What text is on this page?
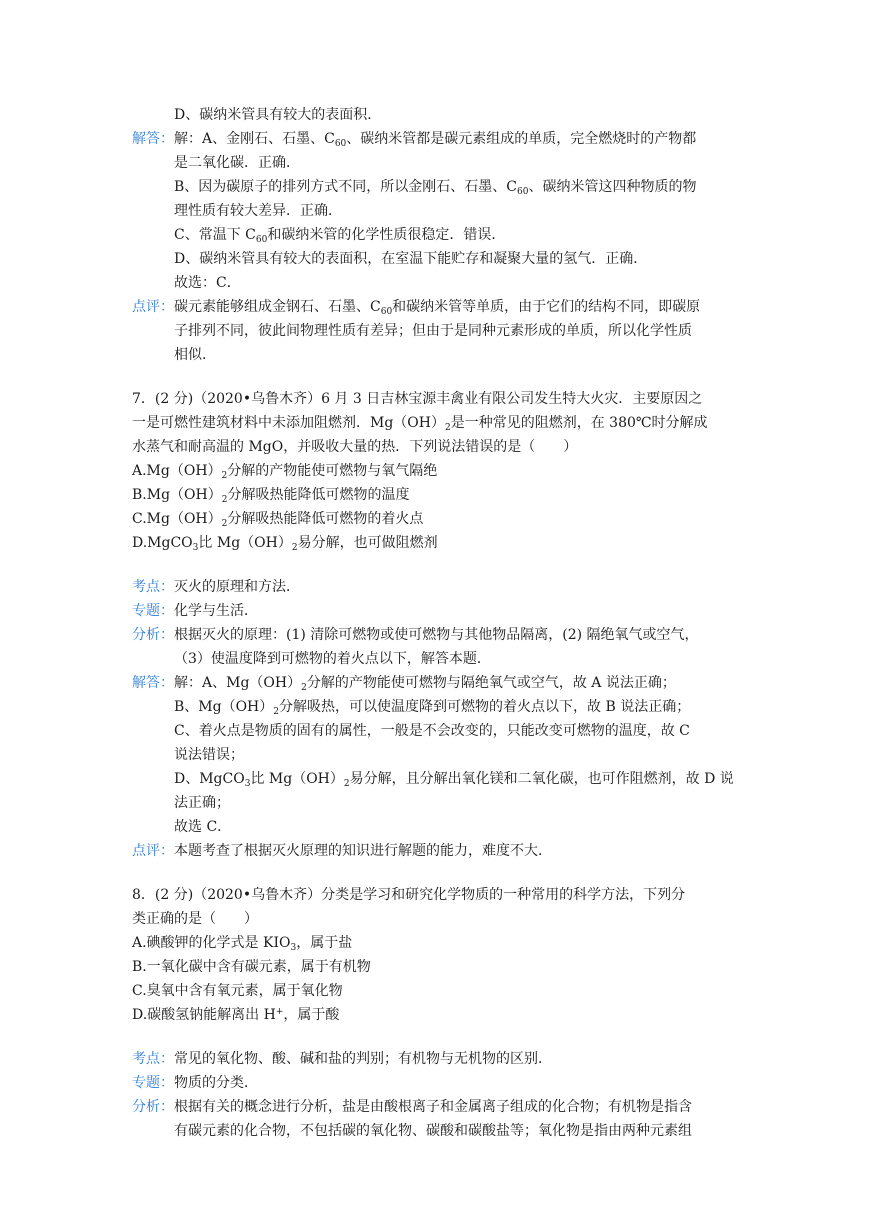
D、碳纳米管具有较大的表面积．
解答：解：A、金刚石、石墨、$C_{60}$、碳纳米管都是碳元素组成的单质，完全燃烧时的产物都
是二氧化碳．正确．
B、因为碳原子的排列方式不同，所以金刚石、石墨、$C_{60}$、碳纳米管这四种物质的物
理性质有较大差异．正确．
C、常温下 $C_{60}$和碳纳米管的化学性质很稳定．错误．
D、碳纳米管具有较大的表面积，在室温下能贮存和凝聚大量的氢气．正确．
故选：C．
点评：碳元素能够组成金钢石、石墨、$C_{60}$和碳纳米管等单质，由于它们的结构不同，即碳原
子排列不同，彼此间物理性质有差异；但由于是同种元素形成的单质，所以化学性质
相似．
7．(2 分)（2020•乌鲁木齐）6 月 3 日吉林宝源丰禽业有限公司发生特大火灾．主要原因之
一是可燃性建筑材料中未添加阻燃剂．$Mg(OH)_2$是一种常见的阻燃剂，在 380℃时分解成
水蒸气和耐高温的 MgO，并吸收大量的热．下列说法错误的是（　　）
$A.Mg(OH)_2$分解的产物能使可燃物与氧气隔绝
$B.Mg(OH)_2$分解吸热能降低可燃物的温度
$C.Mg(OH)_2$分解吸热能降低可燃物的着火点
D.MgCO$_3$比 $Mg(OH)_2$易分解，也可做阻燃剂
考点：灭火的原理和方法．
专题：化学与生活．
分析：根据灭火的原理：(1) 清除可燃物或使可燃物与其他物品隔离，(2) 隔绝氧气或空气，
（3）使温度降到可燃物的着火点以下，解答本题．
解答：解：A、$Mg(OH)_2$分解的产物能使可燃物与隔绝氧气或空气，故 A 说法正确；
B、$Mg(OH)_2$分解吸热，可以使温度降到可燃物的着火点以下，故 B 说法正确；
C、着火点是物质的固有的属性，一般是不会改变的，只能改变可燃物的温度，故 C
说法错误；
D、MgCO$_3$比 $Mg(OH)_2$易分解，且分解出氧化镁和二氧化碳，也可作阻燃剂，故 D 说
法正确；
故选 C．
点评：本题考查了根据灭火原理的知识进行解题的能力，难度不大．
8．(2 分)（2020•乌鲁木齐）分类是学习和研究化学物质的一种常用的科学方法，下列分
类正确的是（　　）
A.碘酸钾的化学式是 $KIO_3$，属于盐
B.一氧化碳中含有碳元素，属于有机物
C.臭氧中含有氧元素，属于氧化物
D.碳酸氢钠能解离出 H+，属于酸
考点：常见的氧化物、酸、碱和盐的判别；有机物与无机物的区别．
专题：物质的分类．
分析：根据有关的概念进行分析，盐是由酸根离子和金属离子组成的化合物；有机物是指含
有碳元素的化合物，不包括碳的氧化物、碳酸和碳酸盐等；氧化物是指由两种元素组
